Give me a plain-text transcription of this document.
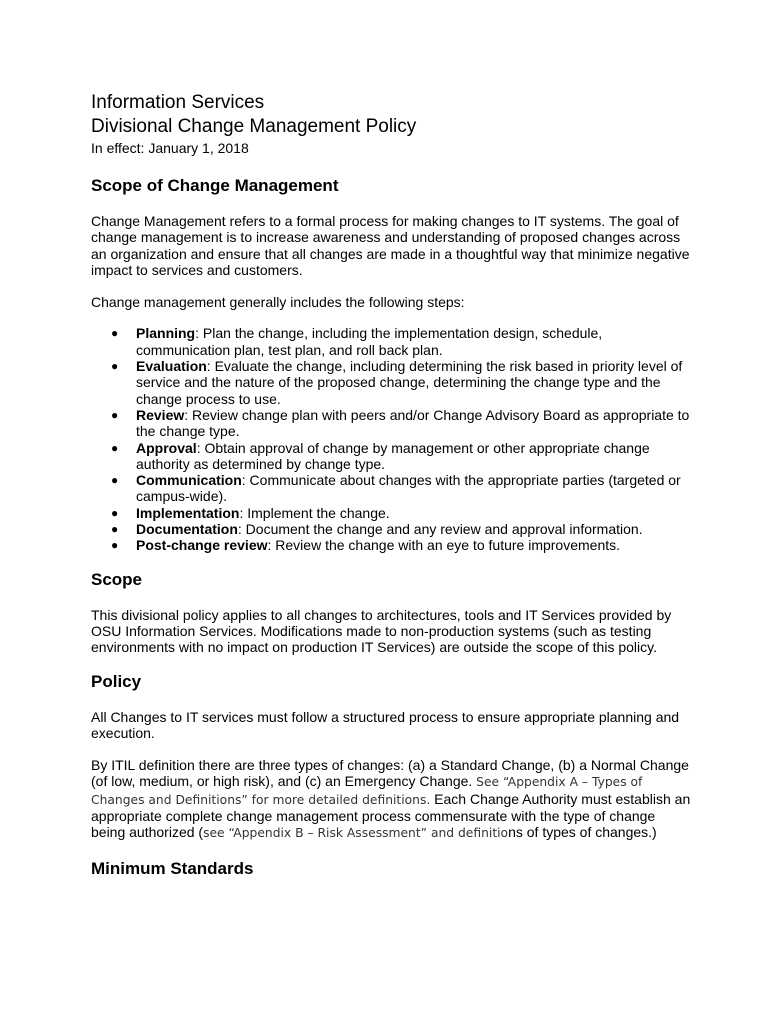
Information Services
Divisional Change Management Policy

In effect: January 1, 2018

Scope of Change Management

Change Management refers to a formal process for making changes to IT systems. The goal of change management is to increase awareness and understanding of proposed changes across an organization and ensure that all changes are made in a thoughtful way that minimize negative impact to services and customers.

Change management generally includes the following steps:

● Planning: Plan the change, including the implementation design, schedule, communication plan, test plan, and roll back plan.
● Evaluation: Evaluate the change, including determining the risk based in priority level of service and the nature of the proposed change, determining the change type and the change process to use.
● Review: Review change plan with peers and/or Change Advisory Board as appropriate to the change type.
● Approval: Obtain approval of change by management or other appropriate change authority as determined by change type.
● Communication: Communicate about changes with the appropriate parties (targeted or campus-wide).
● Implementation: Implement the change.
● Documentation: Document the change and any review and approval information.
● Post-change review: Review the change with an eye to future improvements.
Scope

This divisional policy applies to all changes to architectures, tools and IT Services provided by OSU Information Services. Modifications made to non-production systems (such as testing environments with no impact on production IT Services) are outside the scope of this policy.

Policy

All Changes to IT services must follow a structured process to ensure appropriate planning and execution.

By ITIL definition there are three types of changes: (a) a Standard Change, (b) a Normal Change (of low, medium, or high risk), and (c) an Emergency Change. See “Appendix A – Types of Changes and Definitions” for more detailed definitions. Each Change Authority must establish an appropriate complete change management process commensurate with the type of change being authorized (see “Appendix B – Risk Assessment” and definitions of types of changes.)

Minimum Standards
